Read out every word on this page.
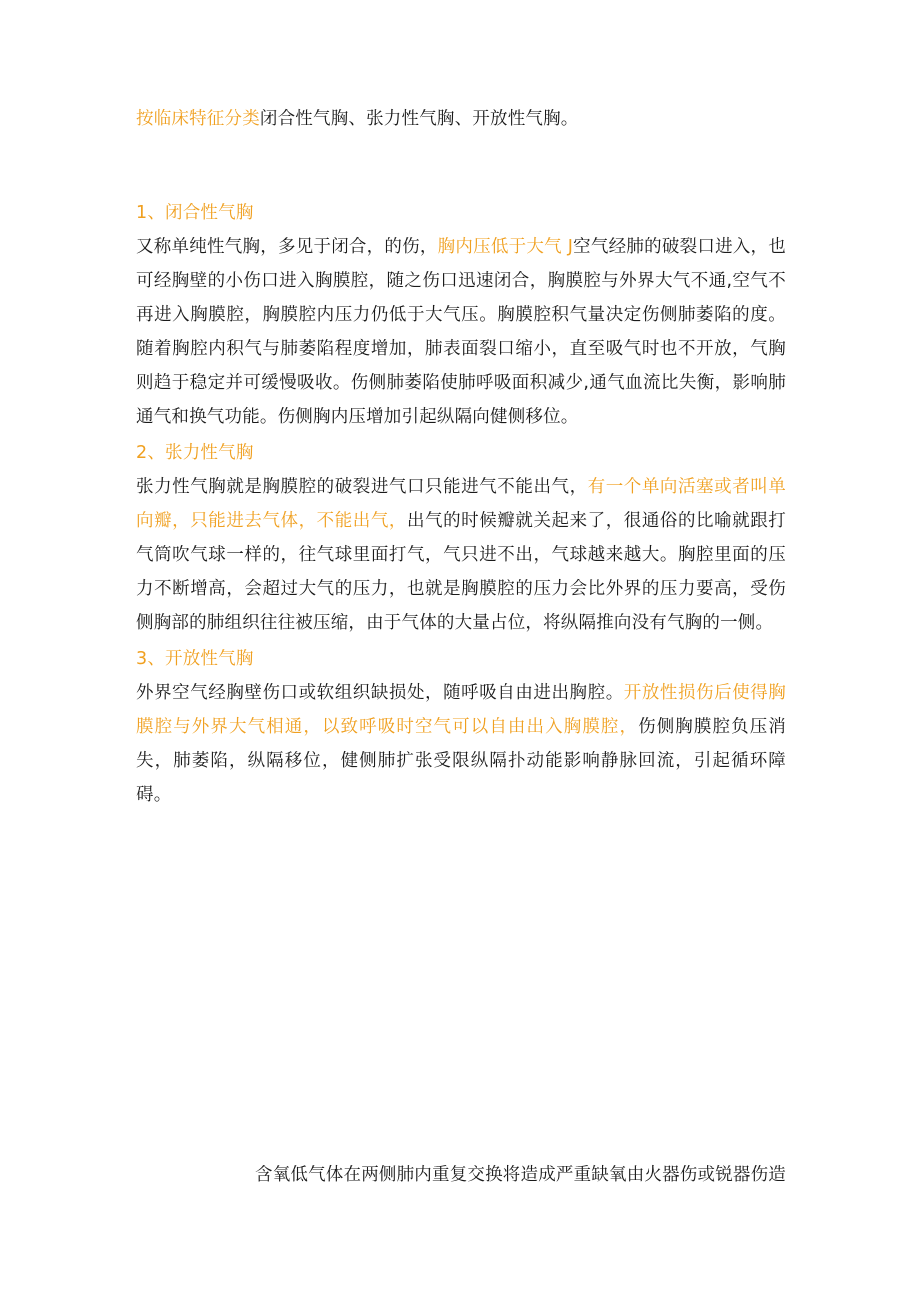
按临床特征分类闭合性气胸、张力性气胸、开放性气胸。

1、闭合性气胸

又称单纯性气胸，多见于闭合，的伤，胸内压低于大气 J空气经肺的破裂口进入，也可经胸壁的小伤口进入胸膜腔，随之伤口迅速闭合，胸膜腔与外界大气不通,空气不再进入胸膜腔，胸膜腔内压力仍低于大气压。胸膜腔积气量决定伤侧肺萎陷的度。随着胸腔内积气与肺萎陷程度增加，肺表面裂口缩小，直至吸气时也不开放，气胸则趋于稳定并可缓慢吸收。伤侧肺萎陷使肺呼吸面积减少,通气血流比失衡，影响肺通气和换气功能。伤侧胸内压增加引起纵隔向健侧移位。

2、张力性气胸

张力性气胸就是胸膜腔的破裂进气口只能进气不能出气，有一个单向活塞或者叫单向瓣，只能进去气体，不能出气，出气的时候瓣就关起来了，很通俗的比喻就跟打气筒吹气球一样的，往气球里面打气，气只进不出，气球越来越大。胸腔里面的压力不断增高，会超过大气的压力，也就是胸膜腔的压力会比外界的压力要高，受伤侧胸部的肺组织往往被压缩，由于气体的大量占位，将纵隔推向没有气胸的一侧。

3、开放性气胸

外界空气经胸壁伤口或软组织缺损处，随呼吸自由进出胸腔。开放性损伤后使得胸膜腔与外界大气相通，以致呼吸时空气可以自由出入胸膜腔，伤侧胸膜腔负压消失，肺萎陷，纵隔移位，健侧肺扩张受限纵隔扑动能影响静脉回流，引起循环障碍。

含氧低气体在两侧肺内重复交换将造成严重缺氧由火器伤或锐器伤造
